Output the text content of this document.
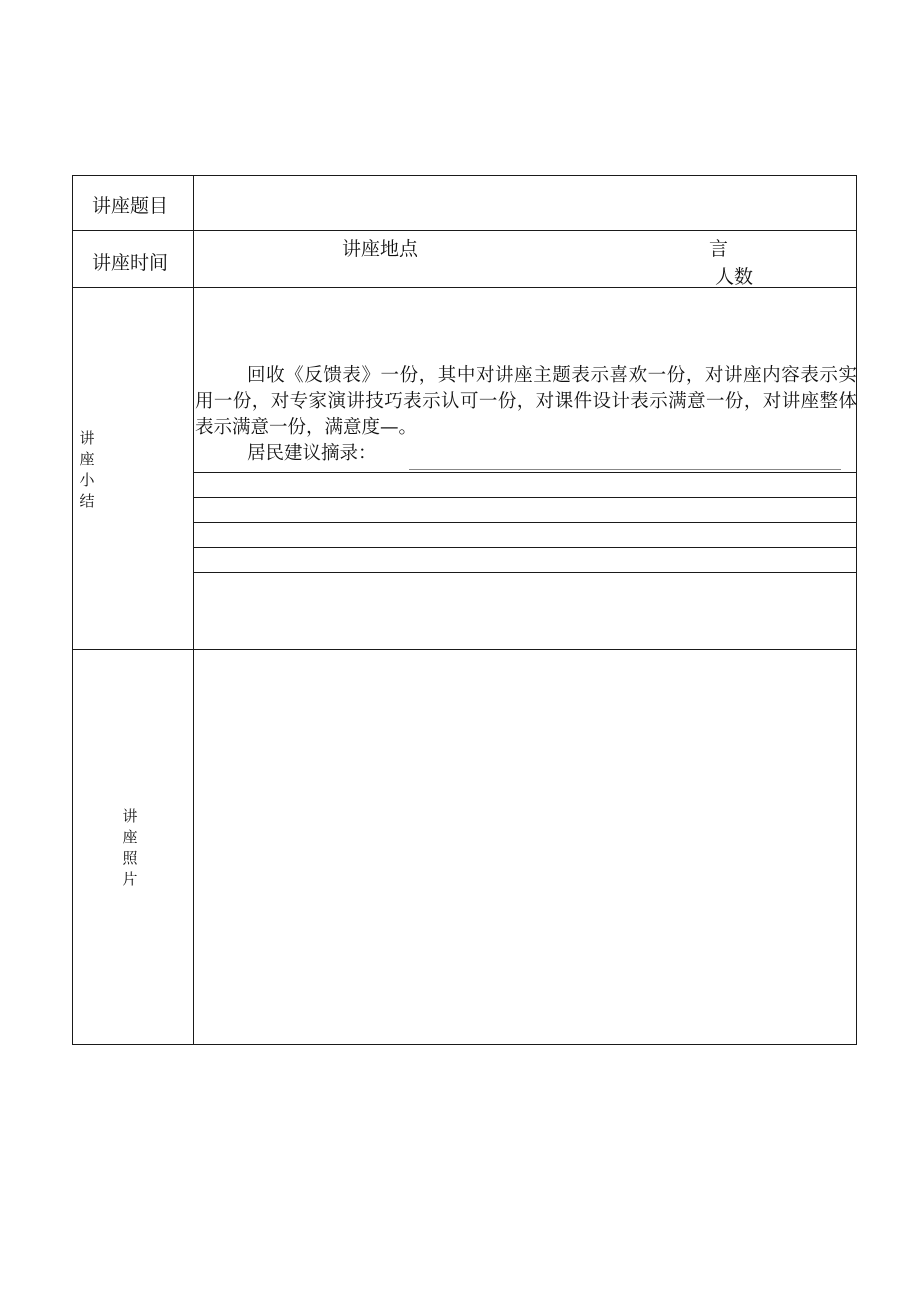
讲座题目
讲座时间
讲座地点	言
人数
讲座小结

回收《反馈表》一份，其中对讲座主题表示喜欢一份，对讲座内容表示实用一份，对专家演讲技巧表示认可一份，对课件设计表示满意一份，对讲座整体表示满意一份，满意度—。

居民建议摘录：

讲座照片
